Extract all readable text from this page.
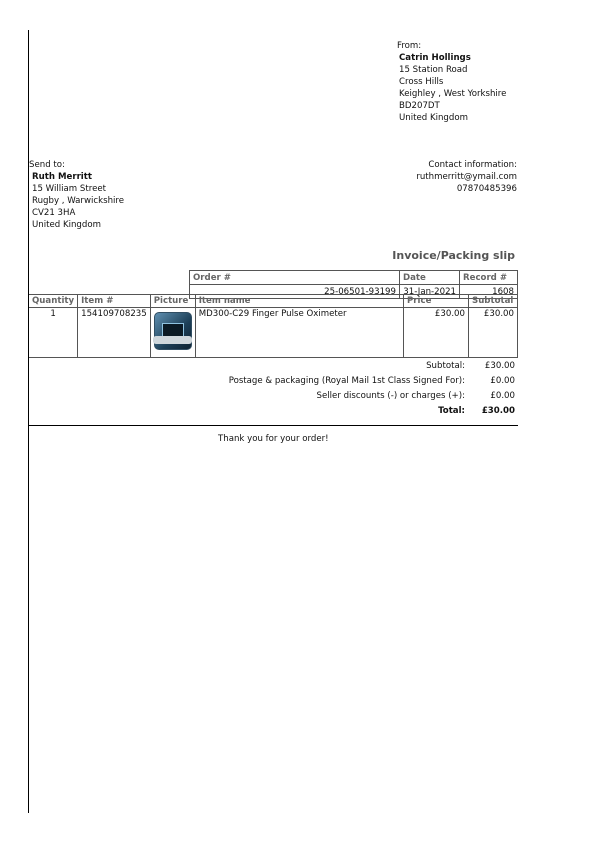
From:
Catrin Hollings
15 Station Road
Cross Hills
Keighley , West Yorkshire
BD207DT
United Kingdom
Send to:
Ruth Merritt
15 William Street
Rugby , Warwickshire
CV21 3HA
United Kingdom
Contact information:
ruthmerritt@ymail.com
07870485396
Invoice/Packing slip
Order #	Date	Record #
25-06501-93199	31-Jan-2021	1608
Quantity	Item #	Picture	Item name	Price	Subtotal
1	154109708235		MD300-C29 Finger Pulse Oximeter	£30.00	£30.00
Subtotal:	£30.00
Postage & packaging (Royal Mail 1st Class Signed For):	£0.00
Seller discounts (-) or charges (+):	£0.00
Total:	£30.00
Thank you for your order!
